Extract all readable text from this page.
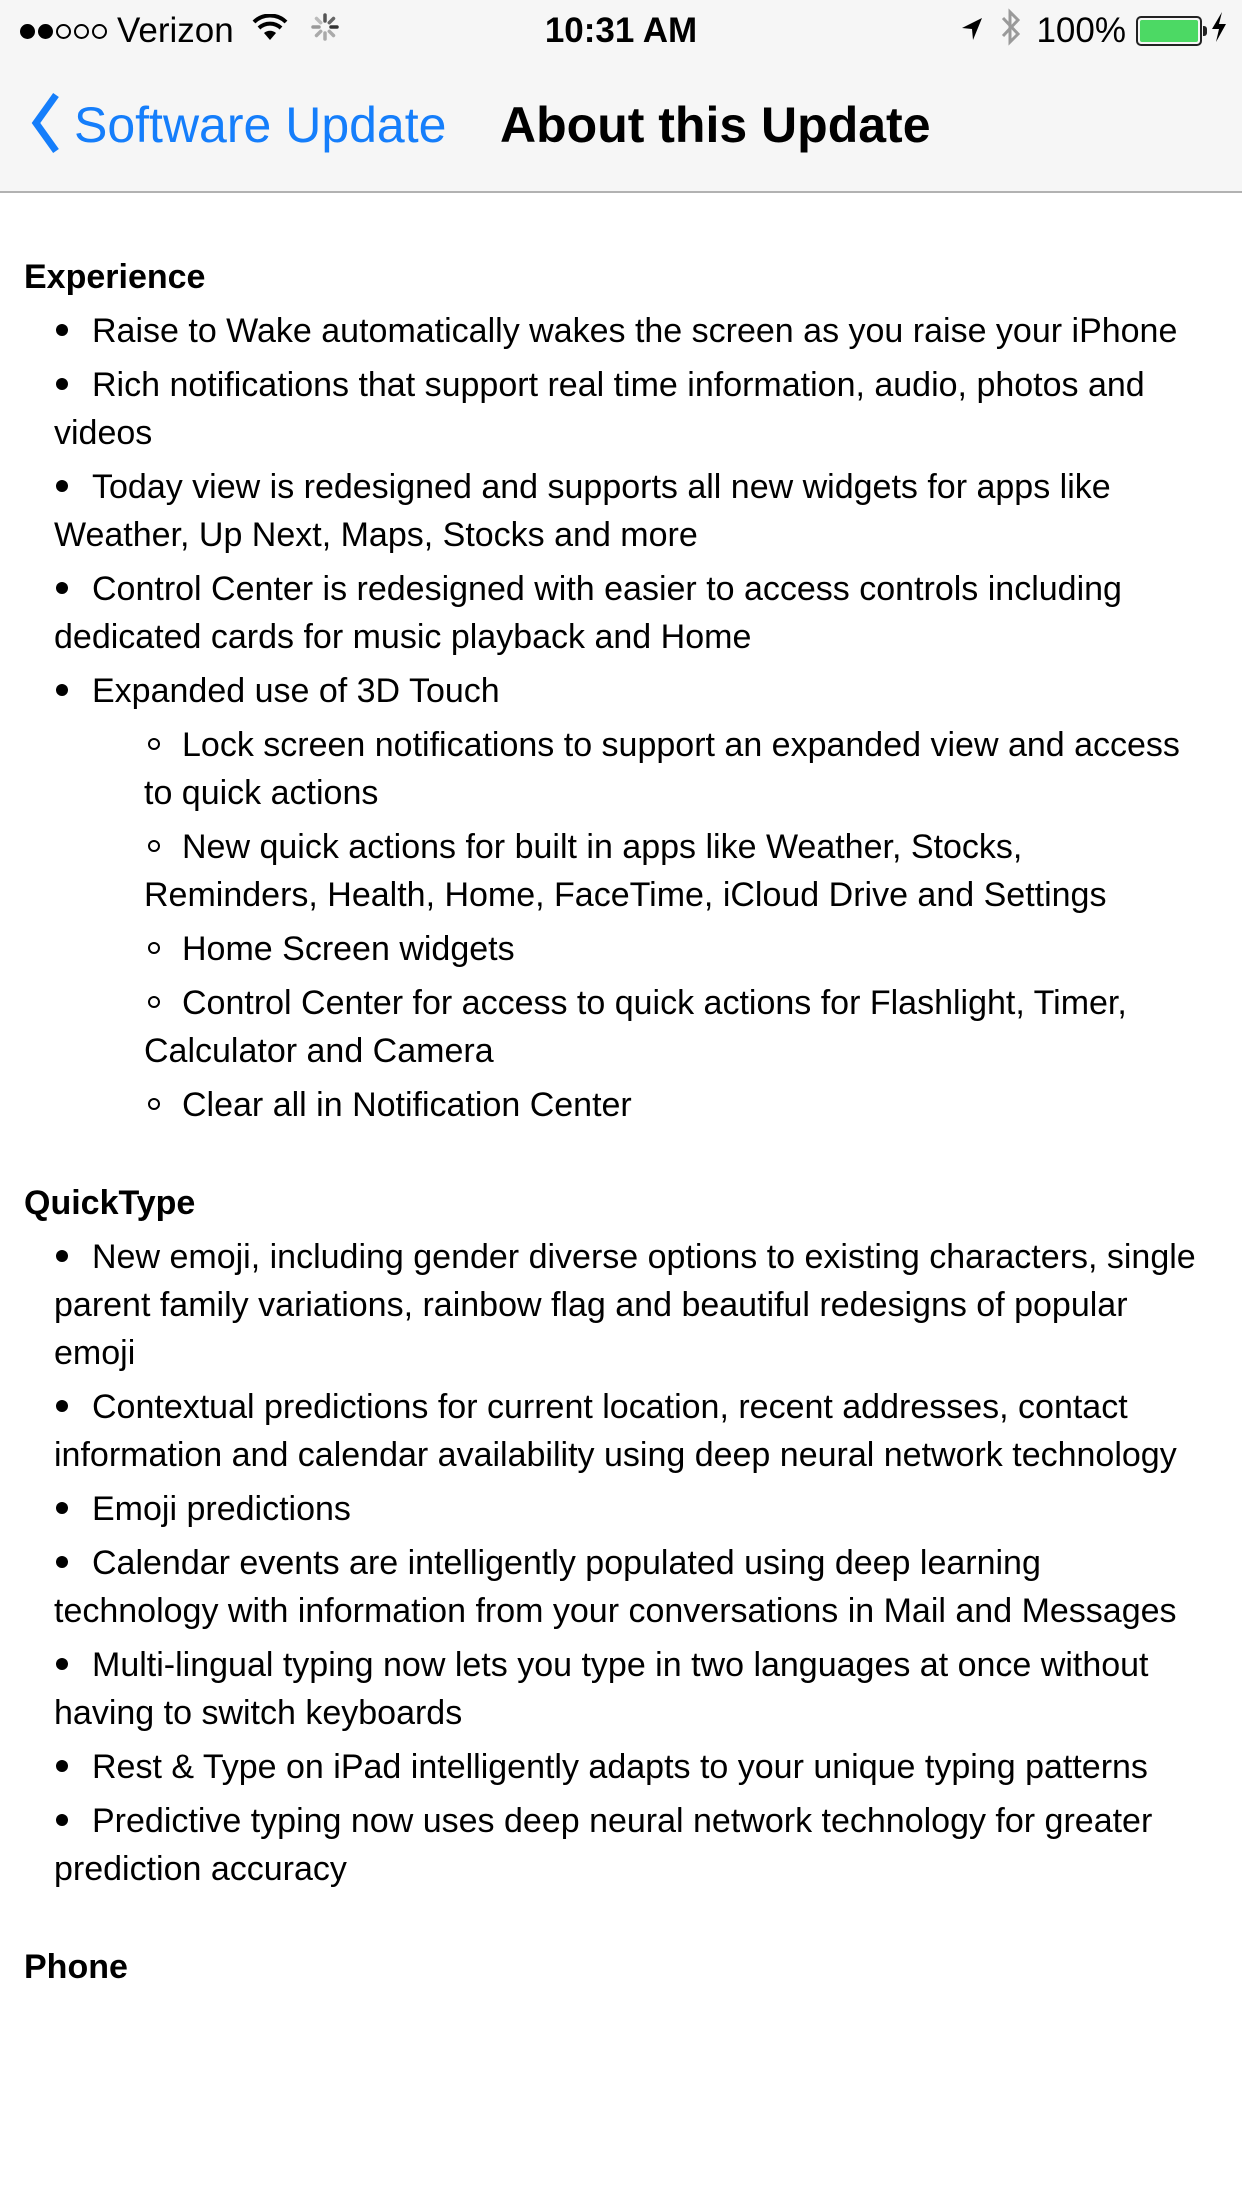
Verizon	10:31 AM	100%
Software Update About this Update
Experience
Raise to Wake automatically wakes the screen as you raise your iPhone
Rich notifications that support real time information, audio, photos and videos
Today view is redesigned and supports all new widgets for apps like Weather, Up Next, Maps, Stocks and more
Control Center is redesigned with easier to access controls including dedicated cards for music playback and Home
Expanded use of 3D Touch
Lock screen notifications to support an expanded view and access to quick actions
New quick actions for built in apps like Weather, Stocks, Reminders, Health, Home, FaceTime, iCloud Drive and Settings
Home Screen widgets
Control Center for access to quick actions for Flashlight, Timer, Calculator and Camera
Clear all in Notification Center
QuickType
New emoji, including gender diverse options to existing characters, single parent family variations, rainbow flag and beautiful redesigns of popular emoji
Contextual predictions for current location, recent addresses, contact information and calendar availability using deep neural network technology
Emoji predictions
Calendar events are intelligently populated using deep learning technology with information from your conversations in Mail and Messages
Multi-lingual typing now lets you type in two languages at once without having to switch keyboards
Rest & Type on iPad intelligently adapts to your unique typing patterns
Predictive typing now uses deep neural network technology for greater prediction accuracy
Phone
